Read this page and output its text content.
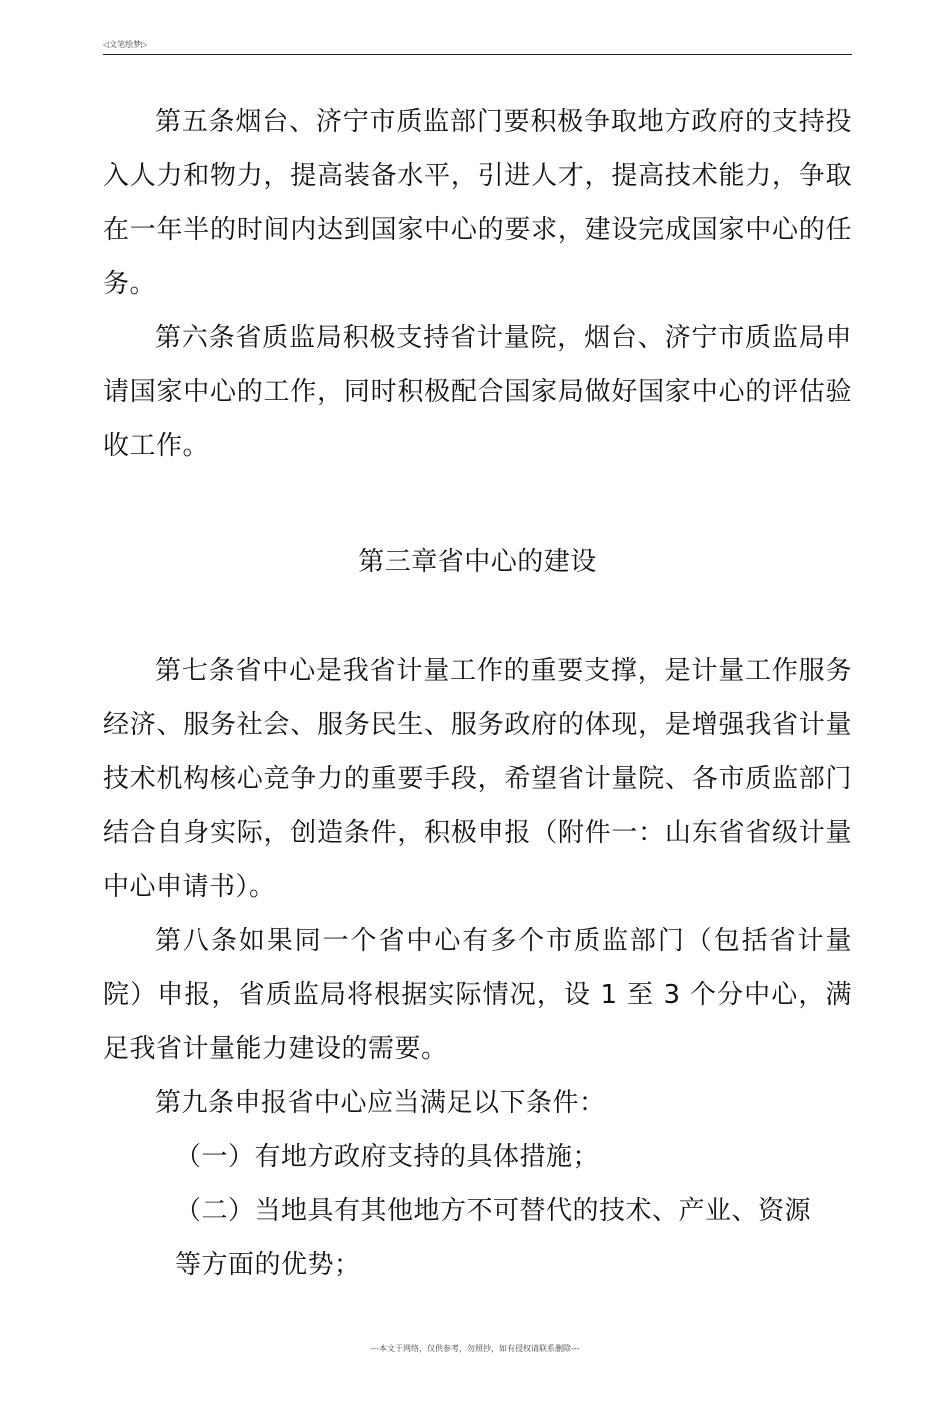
◁文笔绘梦▷

第五条烟台、济宁市质监部门要积极争取地方政府的支持投入人力和物力，提高装备水平，引进人才，提高技术能力，争取在一年半的时间内达到国家中心的要求，建设完成国家中心的任务。

第六条省质监局积极支持省计量院，烟台、济宁市质监局申请国家中心的工作，同时积极配合国家局做好国家中心的评估验收工作。

第三章省中心的建设

第七条省中心是我省计量工作的重要支撑，是计量工作服务经济、服务社会、服务民生、服务政府的体现，是增强我省计量技术机构核心竞争力的重要手段，希望省计量院、各市质监部门结合自身实际，创造条件，积极申报（附件一：山东省省级计量中心申请书）。

第八条如果同一个省中心有多个市质监部门（包括省计量院）申报，省质监局将根据实际情况，设 1 至 3 个分中心，满足我省计量能力建设的需要。

第九条申报省中心应当满足以下条件：

（一）有地方政府支持的具体措施；

（二）当地具有其他地方不可替代的技术、产业、资源

等方面的优势；

---本文于网络，仅供参考，勿照抄，如有侵权请联系删除---
